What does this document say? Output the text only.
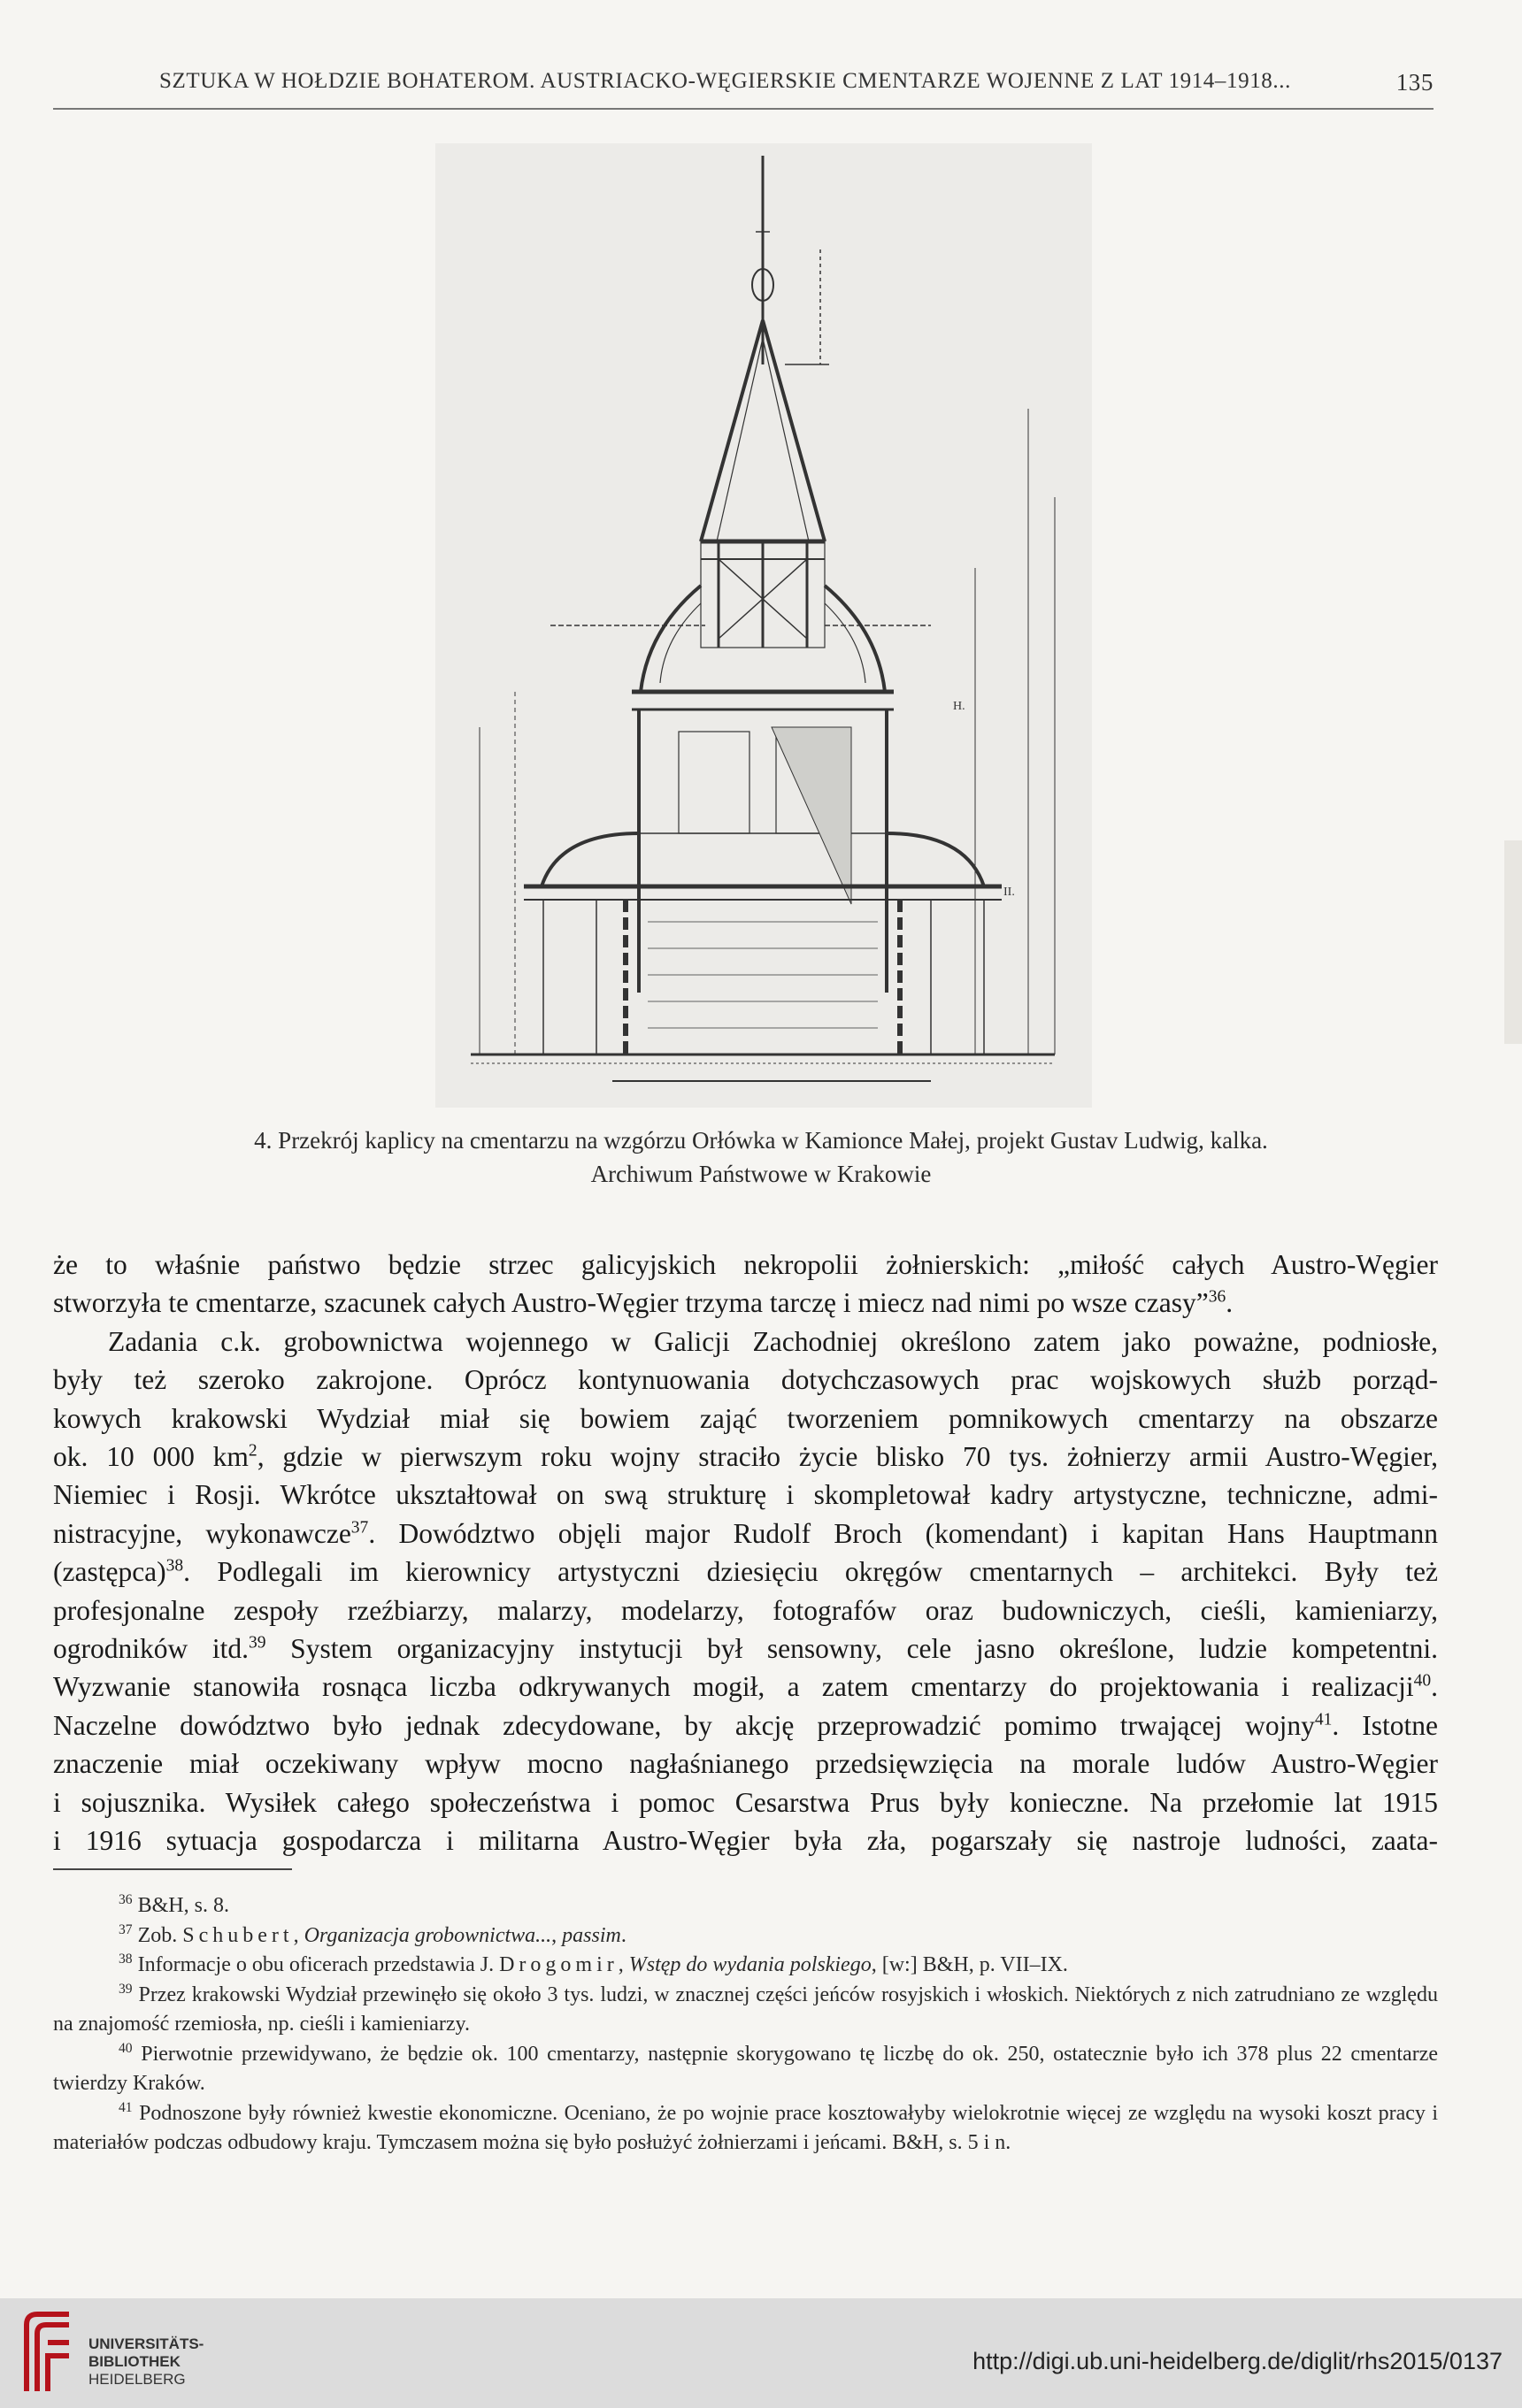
SZTUKA W HOŁDZIE BOHATEROM. AUSTRIACKO-WĘGIERSKIE CMENTARZE WOJENNE Z LAT 1914–1918...	135
H.
II.
4. Przekrój kaplicy na cmentarzu na wzgórzu Orłówka w Kamionce Małej, projekt Gustav Ludwig, kalka.
Archiwum Państwowe w Krakowie
że to właśnie państwo będzie strzec galicyjskich nekropolii żołnierskich: „miłość całych Austro-Węgier
stworzyła te cmentarze, szacunek całych Austro-Węgier trzyma tarczę i miecz nad nimi po wsze czasy”$^{36}$.
Zadania c.k. grobownictwa wojennego w Galicji Zachodniej określono zatem jako poważne, podniosłe,
były też szeroko zakrojone. Oprócz kontynuowania dotychczasowych prac wojskowych służb porząd-
kowych krakowski Wydział miał się bowiem zająć tworzeniem pomnikowych cmentarzy na obszarze
ok. 10 000 $km^2$, gdzie w pierwszym roku wojny straciło życie blisko 70 tys. żołnierzy armii Austro-Węgier,
Niemiec i Rosji. Wkrótce ukształtował on swą strukturę i skompletował kadry artystyczne, techniczne, admi-
nistracyjne, wykonawcze$^{37}$. Dowództwo objęli major Rudolf Broch (komendant) i kapitan Hans Hauptmann
(zastępca)$^{38}$. Podlegali im kierownicy artystyczni dziesięciu okręgów cmentarnych – architekci. Były też
profesjonalne zespoły rzeźbiarzy, malarzy, modelarzy, fotografów oraz budowniczych, cieśli, kamieniarzy,
ogrodników itd.$^{39}$ System organizacyjny instytucji był sensowny, cele jasno określone, ludzie kompetentni.
Wyzwanie stanowiła rosnąca liczba odkrywanych mogił, a zatem cmentarzy do projektowania i realizacji$^{40}$.
Naczelne dowództwo było jednak zdecydowane, by akcję przeprowadzić pomimo trwającej wojny$^{41}$. Istotne
znaczenie miał oczekiwany wpływ mocno nagłaśnianego przedsięwzięcia na morale ludów Austro-Węgier
i sojusznika. Wysiłek całego społeczeństwa i pomoc Cesarstwa Prus były konieczne. Na przełomie lat 1915
i 1916 sytuacja gospodarcza i militarna Austro-Węgier była zła, pogarszały się nastroje ludności, zaata-

$^{36}$ B&H, s. 8.

$^{37}$ Zob. Schubert, Organizacja grobownictwa..., passim.

$^{38}$ Informacje o obu oficerach przedstawia J. Drogomir, Wstęp do wydania polskiego, [w:] B&H, p. VII–IX.

$^{39}$ Przez krakowski Wydział przewinęło się około 3 tys. ludzi, w znacznej części jeńców rosyjskich i włoskich. Niektórych z nich zatrudniano ze względu na znajomość rzemiosła, np. cieśli i kamieniarzy.

$^{40}$ Pierwotnie przewidywano, że będzie ok. 100 cmentarzy, następnie skorygowano tę liczbę do ok. 250, ostatecznie było ich 378 plus 22 cmentarze twierdzy Kraków.

$^{41}$ Podnoszone były również kwestie ekonomiczne. Oceniano, że po wojnie prace kosztowałyby wielokrotnie więcej ze względu na wysoki koszt pracy i materiałów podczas odbudowy kraju. Tymczasem można się było posłużyć żołnierzami i jeńcami. B&H, s. 5 i n.

UNIVERSITÄTS-
BIBLIOTHEK
HEIDELBERG
http://digi.ub.uni-heidelberg.de/diglit/rhs2015/0137
